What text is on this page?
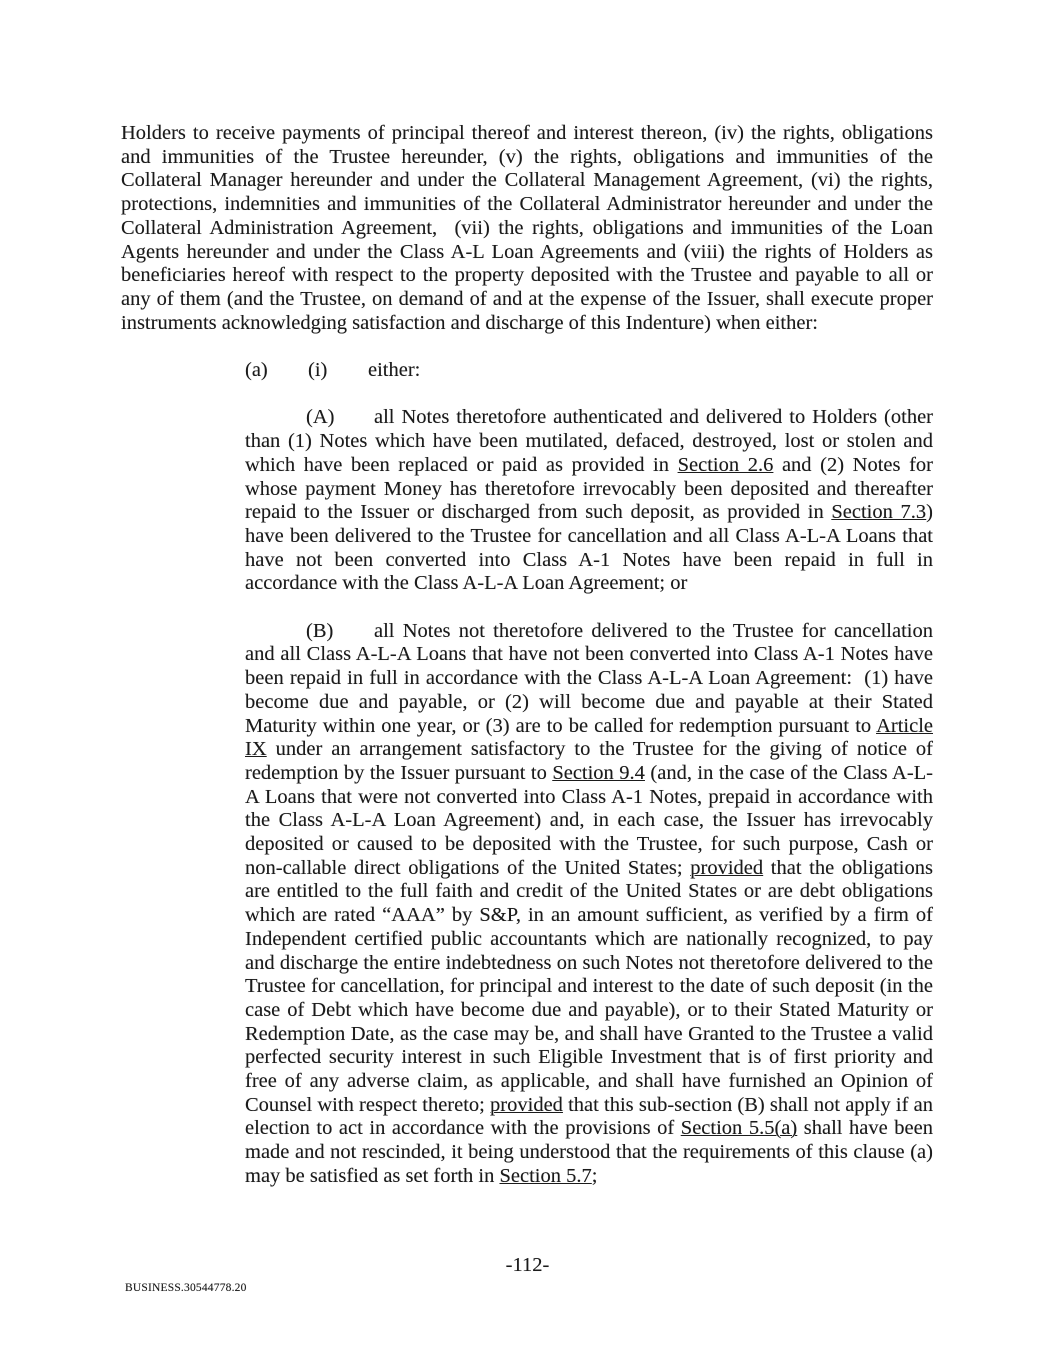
Holders to receive payments of principal thereof and interest thereon, (iv) the rights, obligations and immunities of the Trustee hereunder, (v) the rights, obligations and immunities of the Collateral Manager hereunder and under the Collateral Management Agreement, (vi) the rights, protections, indemnities and immunities of the Collateral Administrator hereunder and under the Collateral Administration Agreement,  (vii) the rights, obligations and immunities of the Loan Agents hereunder and under the Class A-L Loan Agreements and (viii) the rights of Holders as beneficiaries hereof with respect to the property deposited with the Trustee and payable to all or any of them (and the Trustee, on demand of and at the expense of the Issuer, shall execute proper instruments acknowledging satisfaction and discharge of this Indenture) when either:

(a) (i) either:

(A) all Notes theretofore authenticated and delivered to Holders (other than (1) Notes which have been mutilated, defaced, destroyed, lost or stolen and which have been replaced or paid as provided in Section 2.6 and (2) Notes for whose payment Money has theretofore irrevocably been deposited and thereafter repaid to the Issuer or discharged from such deposit, as provided in Section 7.3) have been delivered to the Trustee for cancellation and all Class A-L-A Loans that have not been converted into Class A-1 Notes have been repaid in full in accordance with the Class A-L-A Loan Agreement; or

(B) all Notes not theretofore delivered to the Trustee for cancellation and all Class A-L-A Loans that have not been converted into Class A-1 Notes have been repaid in full in accordance with the Class A-L-A Loan Agreement:  (1) have become due and payable, or (2) will become due and payable at their Stated Maturity within one year, or (3) are to be called for redemption pursuant to Article IX under an arrangement satisfactory to the Trustee for the giving of notice of redemption by the Issuer pursuant to Section 9.4 (and, in the case of the Class A-L-A Loans that were not converted into Class A-1 Notes, prepaid in accordance with the Class A-L-A Loan Agreement) and, in each case, the Issuer has irrevocably deposited or caused to be deposited with the Trustee, for such purpose, Cash or non-callable direct obligations of the United States; provided that the obligations are entitled to the full faith and credit of the United States or are debt obligations which are rated “AAA” by S&P, in an amount sufficient, as verified by a firm of Independent certified public accountants which are nationally recognized, to pay and discharge the entire indebtedness on such Notes not theretofore delivered to the Trustee for cancellation, for principal and interest to the date of such deposit (in the case of Debt which have become due and payable), or to their Stated Maturity or Redemption Date, as the case may be, and shall have Granted to the Trustee a valid perfected security interest in such Eligible Investment that is of first priority and free of any adverse claim, as applicable, and shall have furnished an Opinion of Counsel with respect thereto; provided that this sub-section (B) shall not apply if an election to act in accordance with the provisions of Section 5.5(a) shall have been made and not rescinded, it being understood that the requirements of this clause (a) may be satisfied as set forth in Section 5.7;

-112-
BUSINESS.30544778.20
